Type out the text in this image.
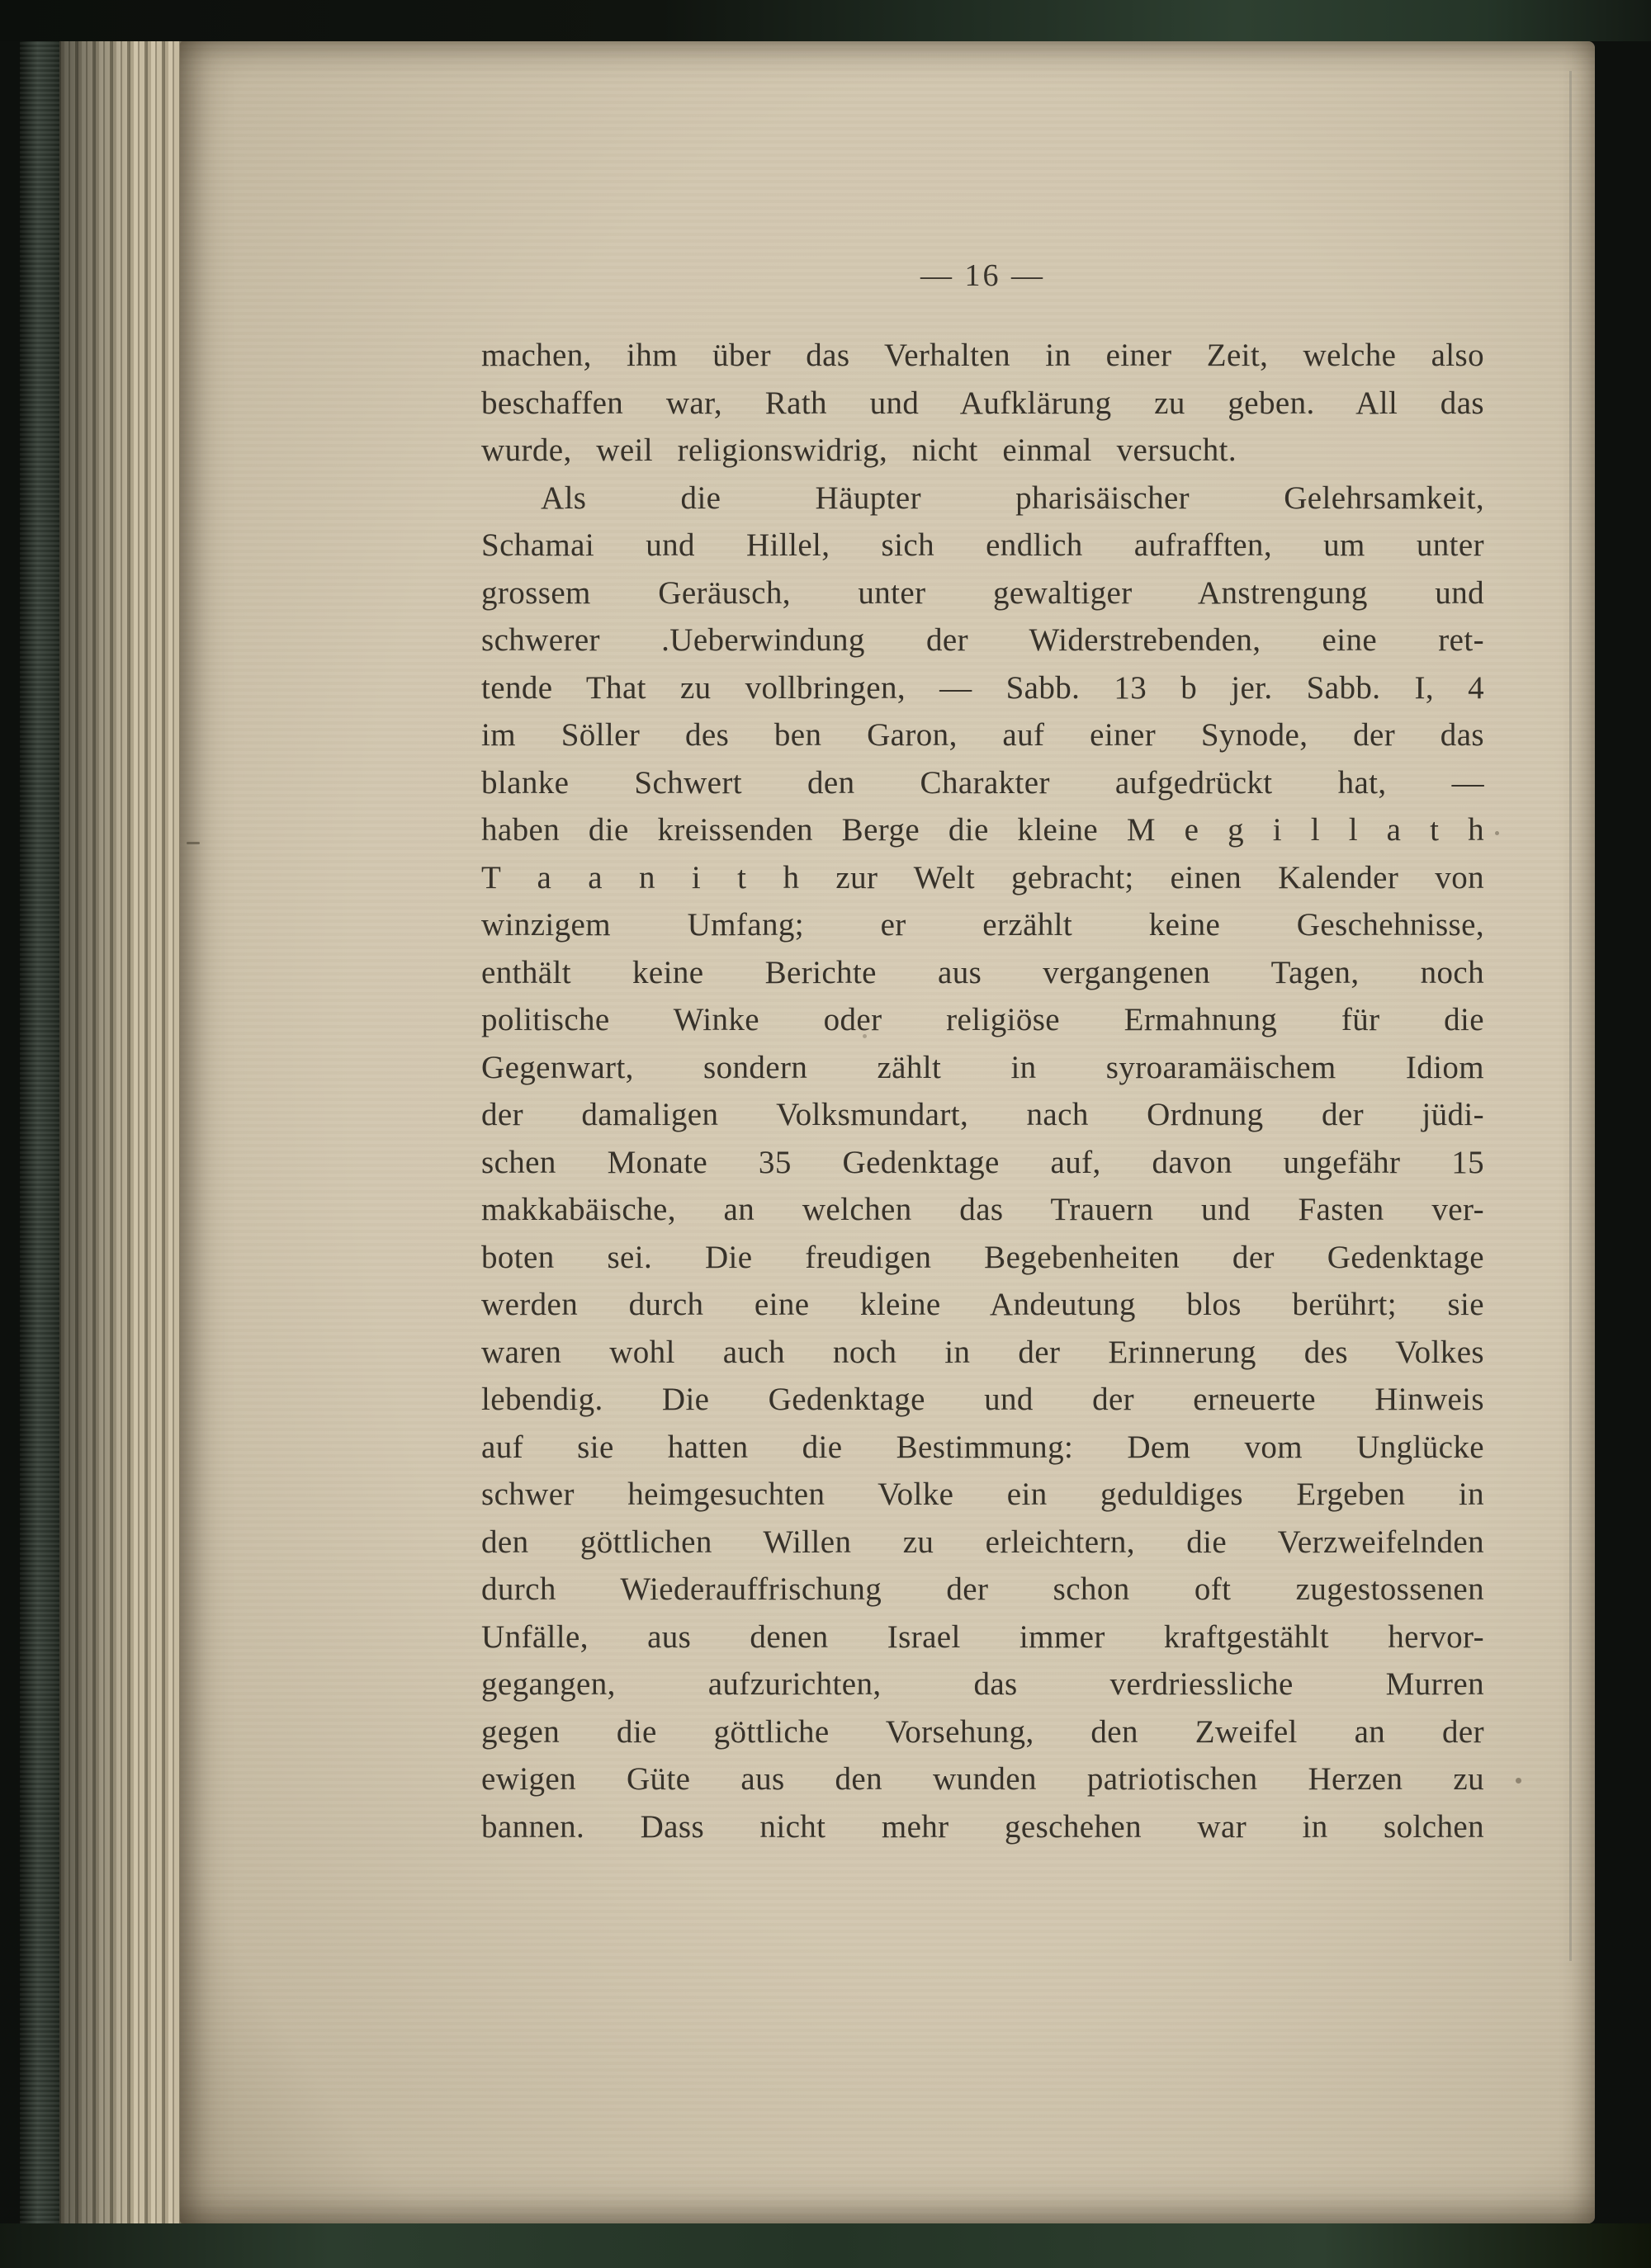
— 16 —
machen, ihm über das Verhalten in einer Zeit, welche also
beschaffen war, Rath und Aufklärung zu geben. All das
wurde, weil religionswidrig, nicht einmal versucht.
Als die Häupter pharisäischer Gelehrsamkeit,
Schamai und Hillel, sich endlich aufrafften, um unter
grossem Geräusch, unter gewaltiger Anstrengung und
schwerer .Ueberwindung der Widerstrebenden, eine ret-
tende That zu vollbringen, — Sabb. 13 b jer. Sabb. I, 4
im Söller des ben Garon, auf einer Synode, der das
blanke Schwert den Charakter aufgedrückt hat, —
haben die kreissenden Berge die kleine M e g i l l a t h
T a a n i t h zur Welt gebracht; einen Kalender von
winzigem Umfang; er erzählt keine Geschehnisse,
enthält keine Berichte aus vergangenen Tagen, noch
politische Winke oder religiöse Ermahnung für die
Gegenwart, sondern zählt in syroaramäischem Idiom
der damaligen Volksmundart, nach Ordnung der jüdi-
schen Monate 35 Gedenktage auf, davon ungefähr 15
makkabäische, an welchen das Trauern und Fasten ver-
boten sei. Die freudigen Begebenheiten der Gedenktage
werden durch eine kleine Andeutung blos berührt; sie
waren wohl auch noch in der Erinnerung des Volkes
lebendig. Die Gedenktage und der erneuerte Hinweis
auf sie hatten die Bestimmung: Dem vom Unglücke
schwer heimgesuchten Volke ein geduldiges Ergeben in
den göttlichen Willen zu erleichtern, die Verzweifelnden
durch Wiederauffrischung der schon oft zugestossenen
Unfälle, aus denen Israel immer kraftgestählt hervor-
gegangen, aufzurichten, das verdriessliche Murren
gegen die göttliche Vorsehung, den Zweifel an der
ewigen Güte aus den wunden patriotischen Herzen zu
bannen. Dass nicht mehr geschehen war in solchen
